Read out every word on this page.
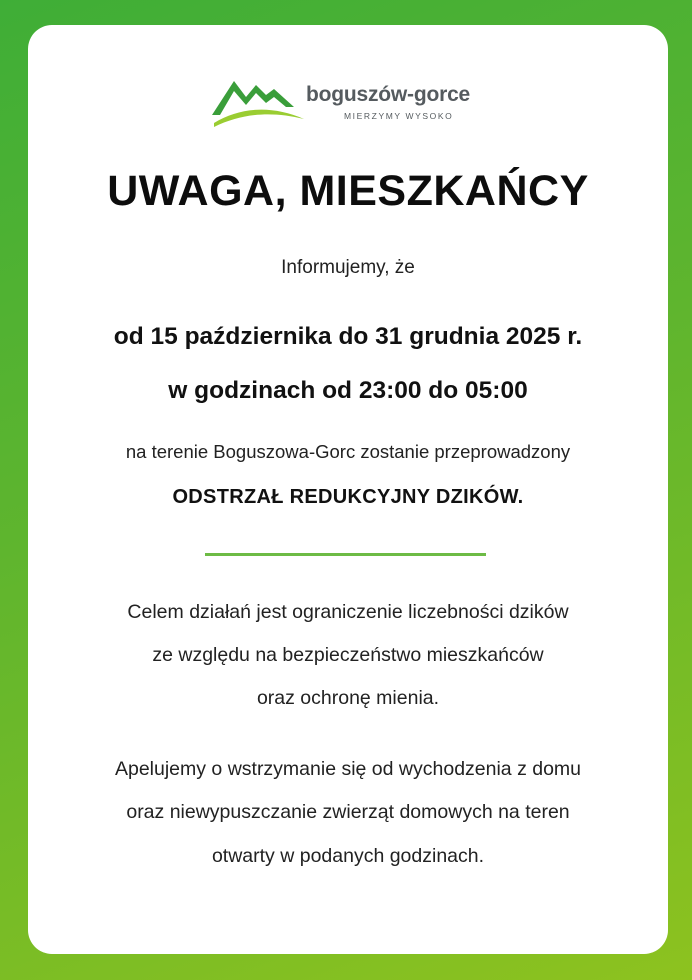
boguszów-gorce
MIERZYMY WYSOKO
UWAGA, MIESZKAŃCY
Informujemy, że
od 15 października do 31 grudnia 2025 r.
w godzinach od 23:00 do 05:00
na terenie Boguszowa-Gorc zostanie przeprowadzony
ODSTRZAŁ REDUKCYJNY DZIKÓW.
Celem działań jest ograniczenie liczebności dzików
ze względu na bezpieczeństwo mieszkańców
oraz ochronę mienia.
Apelujemy o wstrzymanie się od wychodzenia z domu
oraz niewypuszczanie zwierząt domowych na teren
otwarty w podanych godzinach.
